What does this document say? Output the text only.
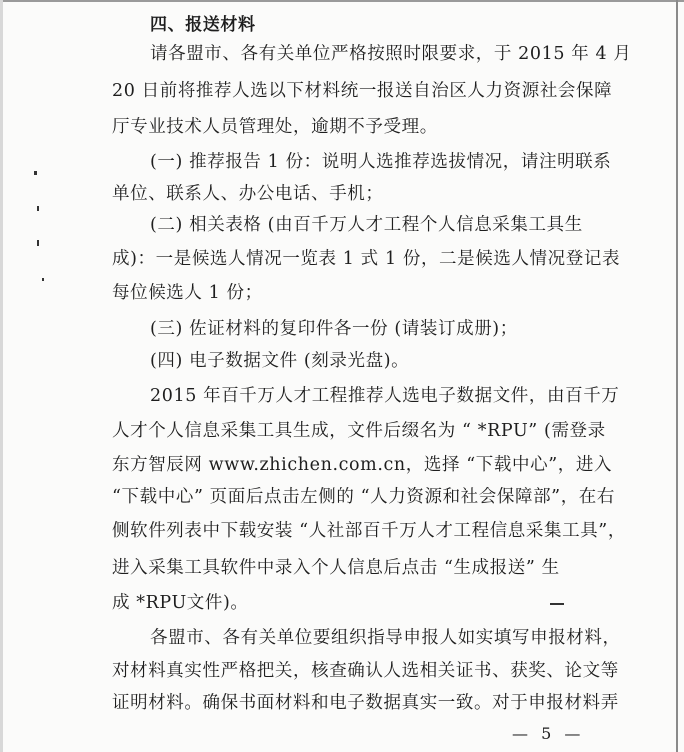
四、报送材料
请各盟市、各有关单位严格按照时限要求，于 2015 年 4 月
20 日前将推荐人选以下材料统一报送自治区人力资源社会保障
厅专业技术人员管理处，逾期不予受理。
(一) 推荐报告 1 份：说明人选推荐选拔情况，请注明联系
单位、联系人、办公电话、手机；
(二) 相关表格 (由百千万人才工程个人信息采集工具生
成)：一是候选人情况一览表 1 式 1 份，二是候选人情况登记表
每位候选人 1 份；
(三) 佐证材料的复印件各一份 (请装订成册)；
(四) 电子数据文件 (刻录光盘)。
2015 年百千万人才工程推荐人选电子数据文件，由百千万
人才个人信息采集工具生成，文件后缀名为 “ *RPU” (需登录
东方智辰网 www.zhichen.com.cn，选择 “下载中心”，进入
“下载中心” 页面后点击左侧的 “人力资源和社会保障部”，在右
侧软件列表中下载安装 “人社部百千万人才工程信息采集工具”，
进入采集工具软件中录入个人信息后点击 “生成报送” 生
成 *RPU文件)。
各盟市、各有关单位要组织指导申报人如实填写申报材料，
对材料真实性严格把关，核查确认人选相关证书、获奖、论文等
证明材料。确保书面材料和电子数据真实一致。对于申报材料弄
— 5 —
